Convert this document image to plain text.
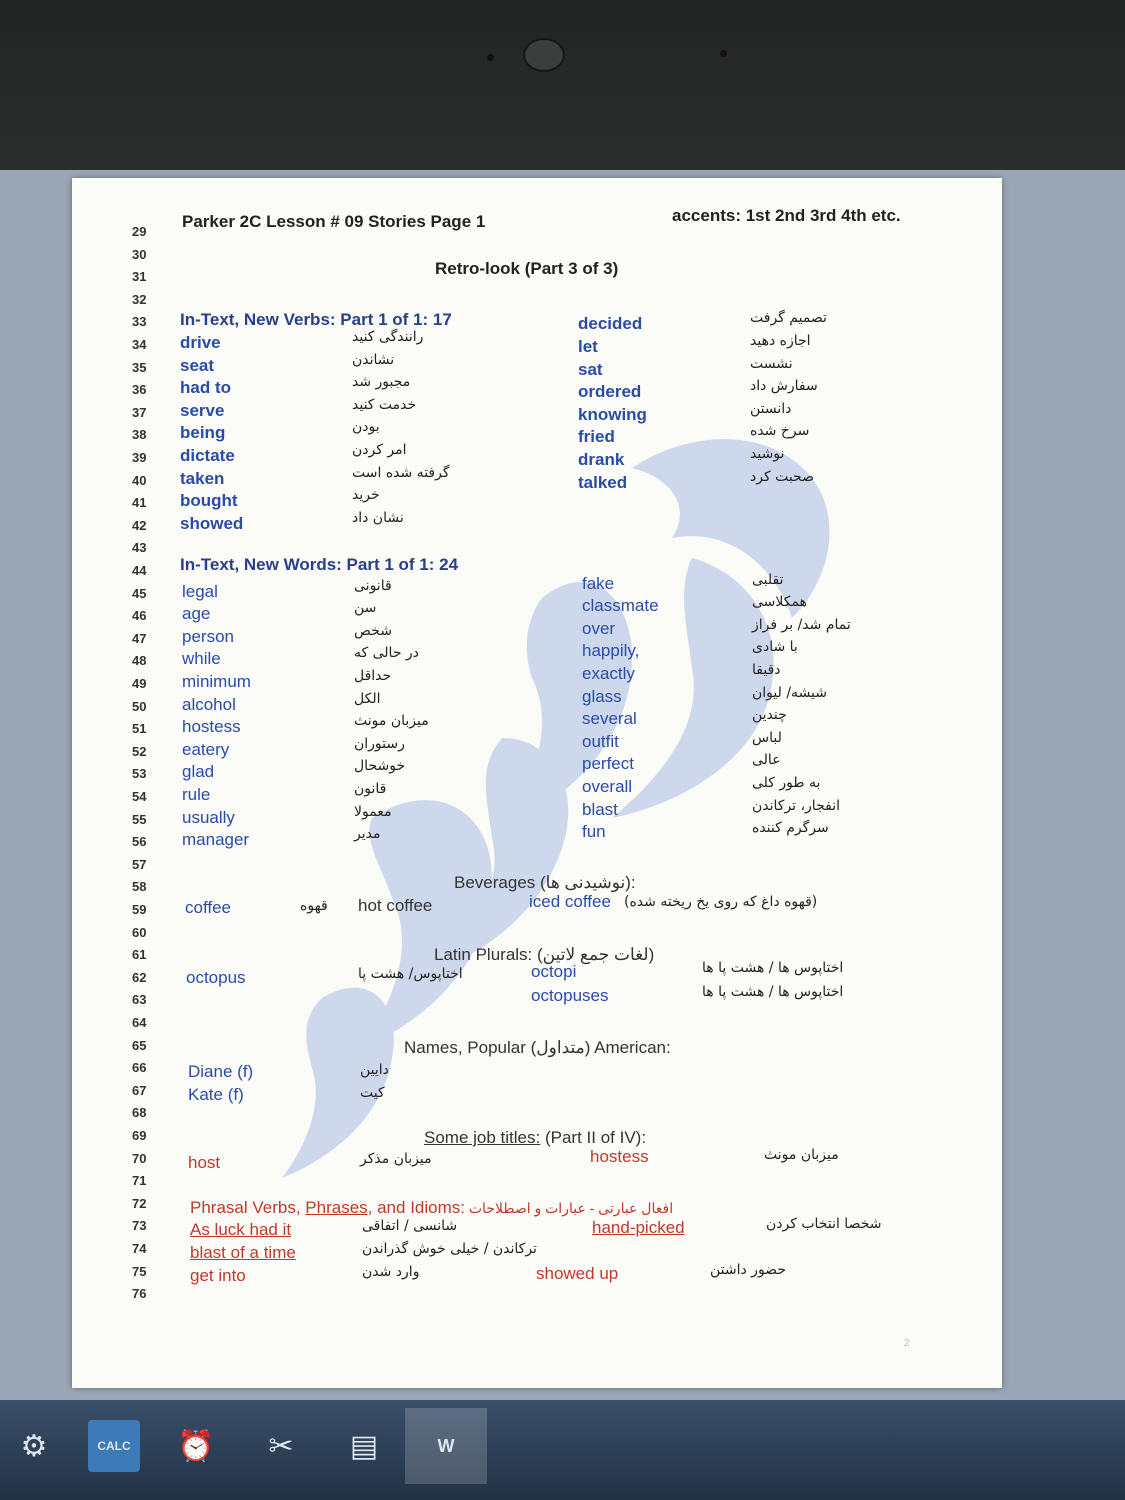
29
30
31
32
33
34
35
36
37
38
39
40
41
42
43
44
45
46
47
48
49
50
51
52
53
54
55
56
57
58
59
60
61
62
63
64
65
66
67
68
69
70
71
72
73
74
75
76
Parker 2C Lesson # 09 Stories Page 1	accents: 1st 2nd 3rd 4th etc.
Retro-look (Part 3 of 3)
In-Text, New Verbs: Part 1 of 1: 17
drive	رانندگی کنید
seat	نشاندن
had to	مجبور شد
serve	خدمت کنید
being	بودن
dictate	امر کردن
taken	گرفته شده است
bought	خرید
showed	نشان داد
decided	تصمیم گرفت
let	اجازه دهید
sat	نشست
ordered	سفارش داد
knowing	دانستن
fried	سرخ شده
drank	نوشید
talked	صحبت کرد
In-Text, New Words: Part 1 of 1: 24
legal	قانونی
age	سن
person	شخص
while	در حالی که
minimum	حداقل
alcohol	الکل
hostess	میزبان مونث
eatery	رستوران
glad	خوشحال
rule	قانون
usually	معمولا
manager	مدیر
fake	تقلبی
classmate	همکلاسی
over	تمام شد/ بر فراز
happily,	با شادی
exactly	دقیقا
glass	شیشه/ لیوان
several	چندین
outfit	لباس
perfect	عالی
overall	به طور کلی
blast	انفجار، ترکاندن
fun	سرگرم کننده
Beverages (نوشیدنی ها):
coffee	قهوه hot coffee	iced coffee (قهوه داغ که روی یخ ریخته شده)
Latin Plurals: (لغات جمع لاتین)
octopus	اختاپوس/ هشت پا	octopi	اختاپوس ها / هشت پا ها
octopuses	اختاپوس ها / هشت پا ها
Names, Popular (متداول) American:
Diane (f)	دایین
Kate (f)	کیت
Some job titles: (Part II of IV):
host	میزبان مذکر	hostess	میزبان مونث
Phrasal Verbs, Phrases, and Idioms: افعال عبارتی - عبارات و اصطلاحات
As luck had it	شانسی / اتفاقی	hand-picked	شخصا انتخاب کردن
blast of a time	ترکاندن / خیلی خوش گذراندن
get into	وارد شدن	showed up	حضور داشتن
2
⚙	CALC	⏰	✂	▤	W
